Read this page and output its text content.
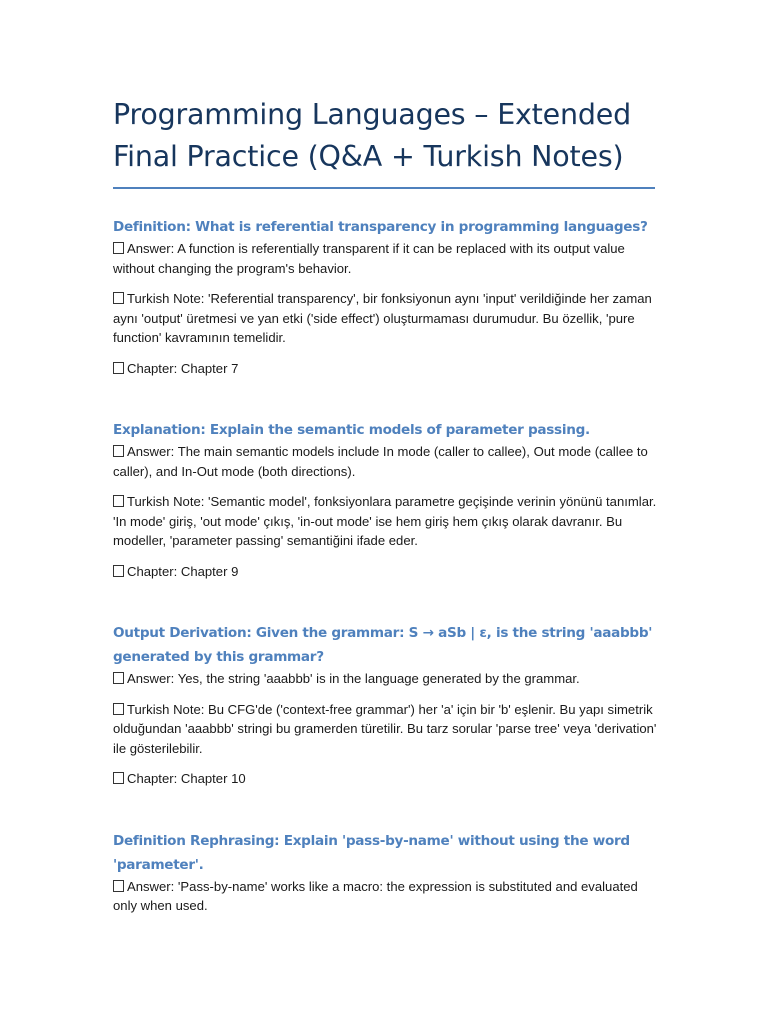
Programming Languages – Extended
Final Practice (Q&A + Turkish Notes)
Definition: What is referential transparency in programming languages?

Answer: A function is referentially transparent if it can be replaced with its output value without changing the program's behavior.

Turkish Note: 'Referential transparency', bir fonksiyonun aynı 'input' verildiğinde her zaman aynı 'output' üretmesi ve yan etki ('side effect') oluşturmaması durumudur. Bu özellik, 'pure function' kavramının temelidir.

Chapter: Chapter 7

Explanation: Explain the semantic models of parameter passing.

Answer: The main semantic models include In mode (caller to callee), Out mode (callee to caller), and In-Out mode (both directions).

Turkish Note: 'Semantic model', fonksiyonlara parametre geçişinde verinin yönünü tanımlar. 'In mode' giriş, 'out mode' çıkış, 'in-out mode' ise hem giriş hem çıkış olarak davranır. Bu modeller, 'parameter passing' semantiğini ifade eder.

Chapter: Chapter 9

Output Derivation: Given the grammar: S → aSb | ε, is the string 'aaabbb' generated by this grammar?

Answer: Yes, the string 'aaabbb' is in the language generated by the grammar.

Turkish Note: Bu CFG'de ('context-free grammar') her 'a' için bir 'b' eşlenir. Bu yapı simetrik olduğundan 'aaabbb' stringi bu gramerden türetilir. Bu tarz sorular 'parse tree' veya 'derivation' ile gösterilebilir.

Chapter: Chapter 10

Definition Rephrasing: Explain 'pass-by-name' without using the word 'parameter'.

Answer: 'Pass-by-name' works like a macro: the expression is substituted and evaluated only when used.
